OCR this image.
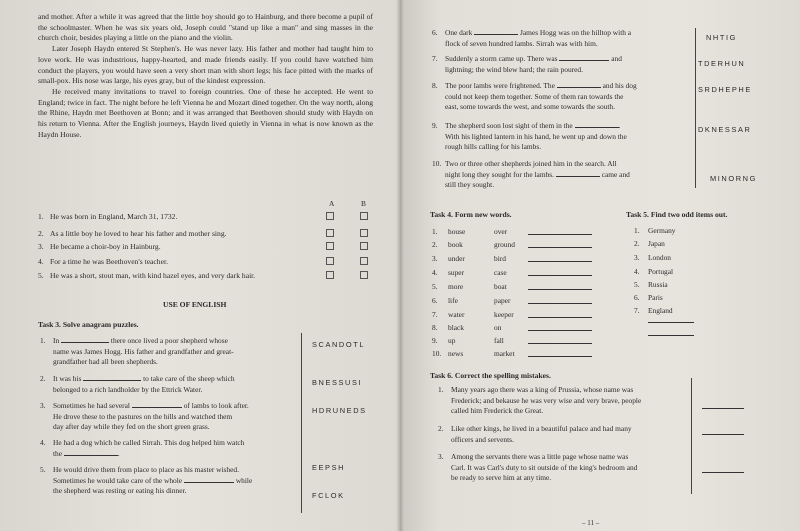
and mother. After a while it was agreed that the little boy should go to Hainburg, and there become a pupil of the schoolmaster. When he was six years old, Joseph could "stand up like a man" and sing masses in the church choir, besides playing a little on the piano and the violin.

Later Joseph Haydn entered St Stephen's. He was never lazy. His father and mother had taught him to love work. He was industrious, happy-hearted, and made friends easily. If you could have watched him conduct the players, you would have seen a very short man with short legs; his face pitted with the marks of small-pox. His nose was large, his eyes gray, but of the kindest expression.

He received many invitations to travel to foreign countries. One of these he accepted. He went to England; twice in fact. The night before he left Vienna he and Mozart dined together. On the way north, along the Rhine, Haydn met Beethoven at Bonn; and it was arranged that Beethoven should study with Haydn on his return to Vienna. After the English journeys, Haydn lived quietly in Vienna in what is now known as the Haydn House.

A	B
1. He was born in England, March 31, 1732.
2. As a little boy he loved to hear his father and mother sing.
3. He became a choir-boy in Hainburg.
4. For a time he was Beethoven's teacher.
5. He was a short, stout man, with kind hazel eyes, and very dark hair.
USE OF ENGLISH
Task 3. Solve anagram puzzles.
1. In	there once lived a poor shepherd whose
name was James Hogg. His father and grandfather and great-
grandfather had all been shepherds.
SCANDOTL
2. It was his	to take care of the sheep which
belonged to a rich landholder by the Ettrick Water.
BNESSUSI
3. Sometimes he had several	of lambs to look after.
He drove these to the pastures on the hills and watched them
day after day while they fed on the short green grass.
HDRUNEDS
4. He had a dog which he called Sirrah. This dog helped him watch
the	.
EEPSH
5. He would drive them from place to place as his master wished.
Sometimes he would take care of the whole	while
the shepherd was resting or eating his dinner.
FCLOK
6. One dark	James Hogg was on the hilltop with a
flock of seven hundred lambs. Sirrah was with him.
NHTIG
7. Suddenly a storm came up. There was	and
lightning; the wind blew hard; the rain poured.
TDERHUN
8. The poor lambs were frightened. The	and his dog
could not keep them together. Some of them ran towards the
east, some towards the west, and some towards the south.
SRDHEPHE
9. The shepherd soon lost sight of them in the	.
With his lighted lantern in his hand, he went up and down the
rough hills calling for his lambs.
DKNESSAR
10. Two or three other shepherds joined him in the search. All
night long they sought for the lambs.	came and
still they sought.
MINORNG
Task 4. Form new words.
1. house	over
2. book	ground
3. under	bird
4. super	case
5. more	boat
6. life	paper
7. water	keeper
8. black	on
9. up	fall
10. news	market
Task 5. Find two odd items out.
1. Germany
2. Japan
3. London
4. Portugal
5. Russia
6. Paris
7. England
Task 6. Correct the spelling mistakes.
1. Many years ago there was a king of Prussia, whose name was
Frederick; and bekause he was very wise and very brave, people
called him Frederick the Great.
2. Like other kings, he lived in a beautiful palace and had many
officers and servents.
3. Among the servants there was a little page whose name was
Carl. It was Carl's duty to sit outside of the king's bedroom and
be ready to serve him at any time.
– 11 –
